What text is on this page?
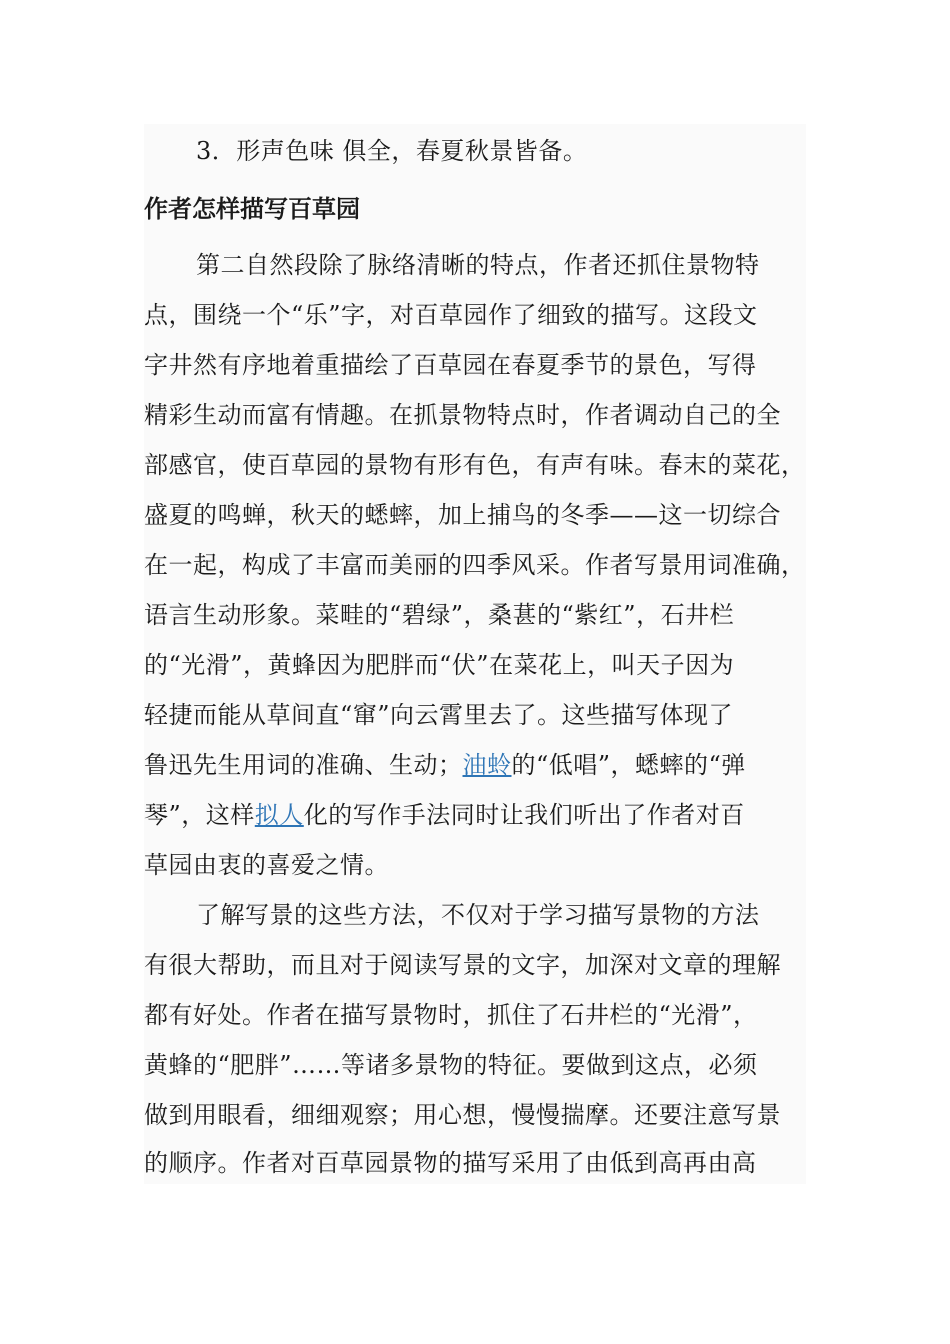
3．形声色味 俱全，春夏秋景皆备。
作者怎样描写百草园
第二自然段除了脉络清晰的特点，作者还抓住景物特
点，围绕一个“乐”字，对百草园作了细致的描写。这段文
字井然有序地着重描绘了百草园在春夏季节的景色，写得
精彩生动而富有情趣。在抓景物特点时，作者调动自己的全
部感官，使百草园的景物有形有色，有声有味。春末的菜花，
盛夏的鸣蝉，秋天的蟋蟀，加上捕鸟的冬季——这一切综合
在一起，构成了丰富而美丽的四季风采。作者写景用词准确，
语言生动形象。菜畦的“碧绿”，桑葚的“紫红”，石井栏
的“光滑”，黄蜂因为肥胖而“伏”在菜花上，叫天子因为
轻捷而能从草间直“窜”向云霄里去了。这些描写体现了
鲁迅先生用词的准确、生动；油蛉的“低唱”，蟋蟀的“弹
琴”，这样拟人化的写作手法同时让我们听出了作者对百
草园由衷的喜爱之情。
了解写景的这些方法，不仅对于学习描写景物的方法
有很大帮助，而且对于阅读写景的文字，加深对文章的理解
都有好处。作者在描写景物时，抓住了石井栏的“光滑”，
黄蜂的“肥胖”……等诸多景物的特征。要做到这点，必须
做到用眼看，细细观察；用心想，慢慢揣摩。还要注意写景
的顺序。作者对百草园景物的描写采用了由低到高再由高
